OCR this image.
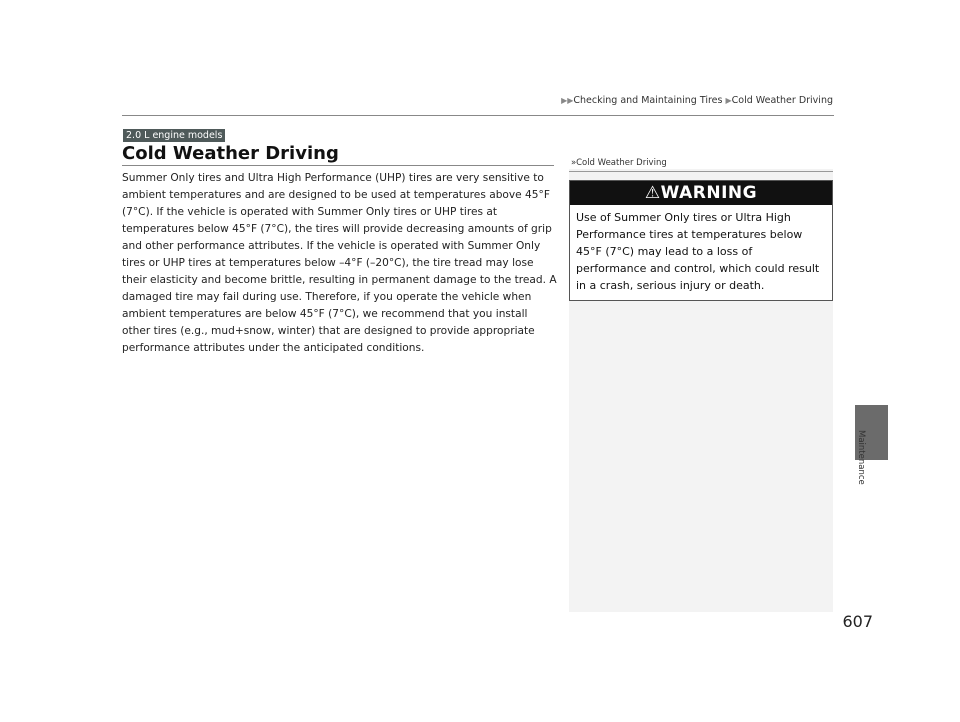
▶▶Checking and Maintaining Tires ▶Cold Weather Driving
2.0 L engine models
Cold Weather Driving
Summer Only tires and Ultra High Performance (UHP) tires are very sensitive to ambient temperatures and are designed to be used at temperatures above 45°F (7°C). If the vehicle is operated with Summer Only tires or UHP tires at temperatures below 45°F (7°C), the tires will provide decreasing amounts of grip and other performance attributes. If the vehicle is operated with Summer Only tires or UHP tires at temperatures below –4°F (–20°C), the tire tread may lose their elasticity and become brittle, resulting in permanent damage to the tread. A damaged tire may fail during use. Therefore, if you operate the vehicle when ambient temperatures are below 45°F (7°C), we recommend that you install other tires (e.g., mud+snow, winter) that are designed to provide appropriate performance attributes under the anticipated conditions.
»Cold Weather Driving
⚠WARNING
Use of Summer Only tires or Ultra High Performance tires at temperatures below 45°F (7°C) may lead to a loss of performance and control, which could result in a crash, serious injury or death.
Maintenance
607
